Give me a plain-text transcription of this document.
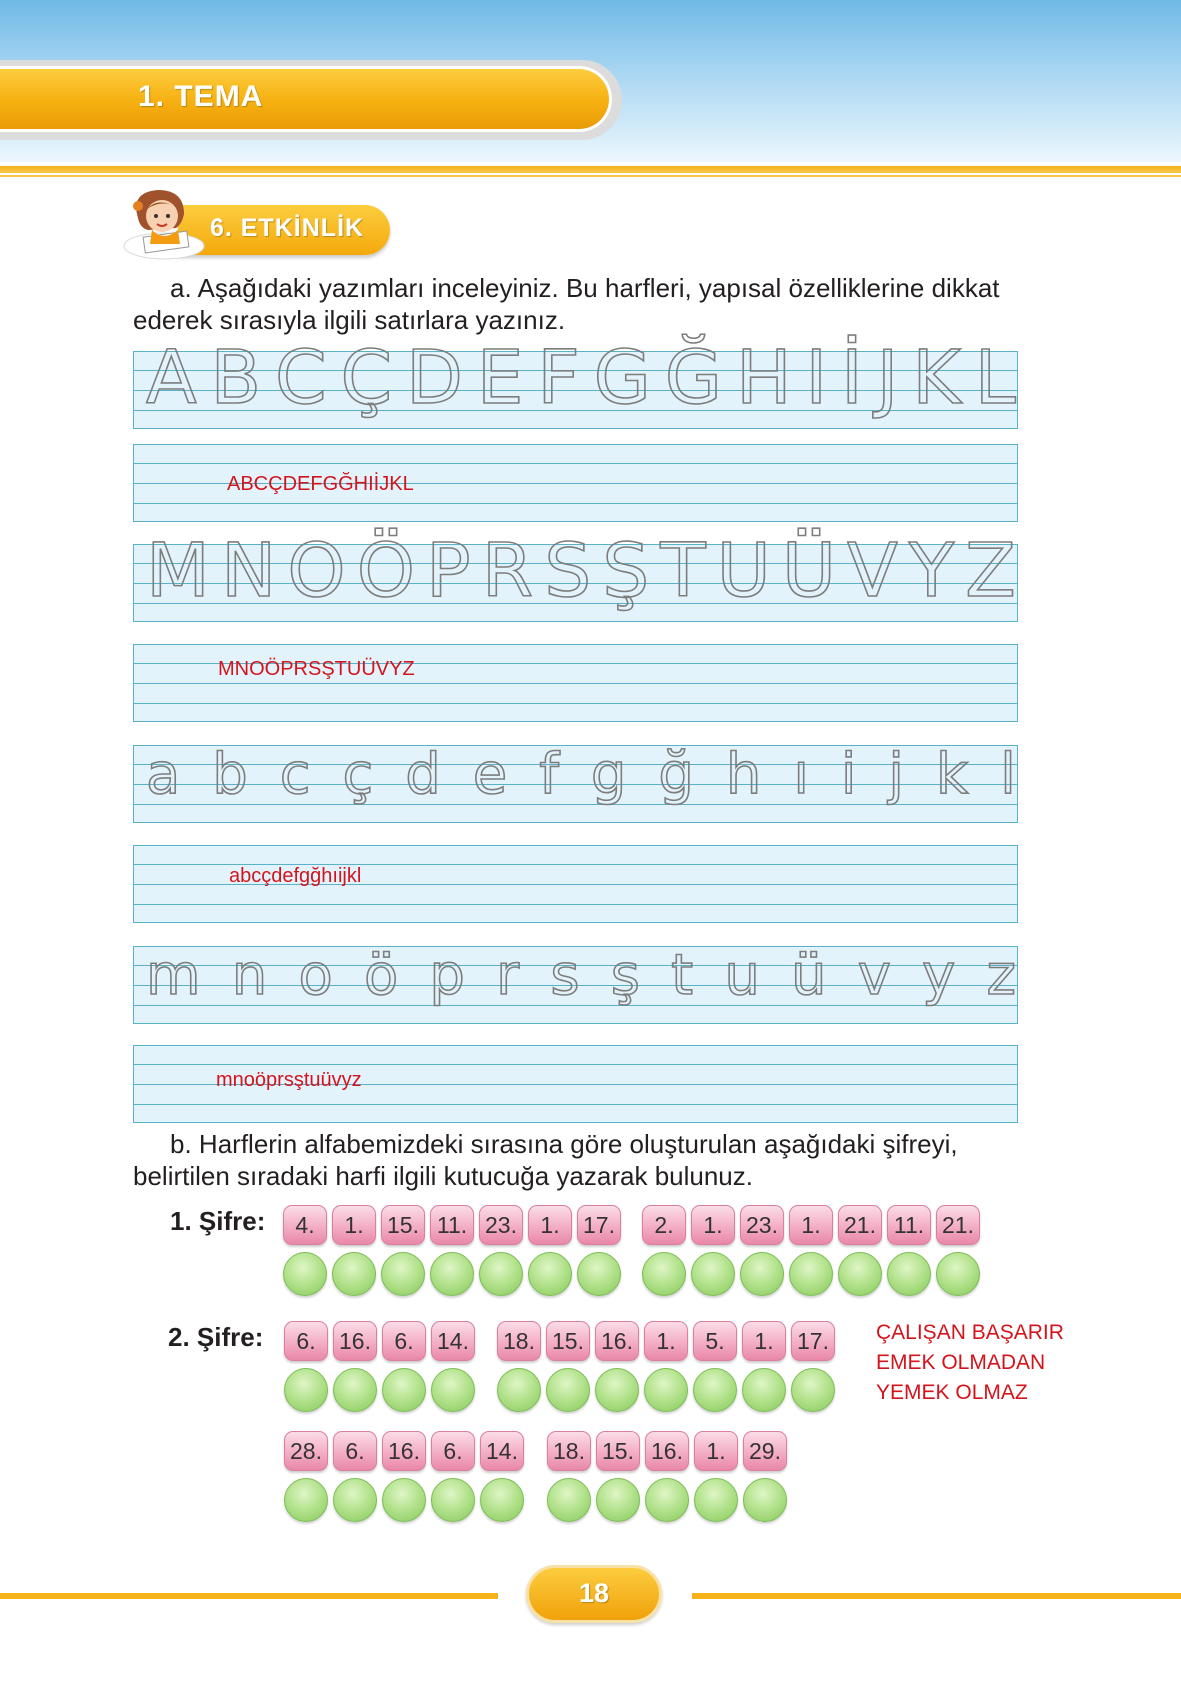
1. TEMA
6. ETKİNLİK
a. Aşağıdaki yazımları inceleyiniz. Bu harfleri, yapısal özelliklerine dikkat ederek sırasıyla ilgili satırlara yazınız.
A B C Ç D E F G Ğ H I İ J K L
ABCÇDEFGĞHIİJKL
M N O Ö P R S Ş T U Ü V Y Z
MNOÖPRSŞTUÜVYZ
a b c ç d e f g ğ h ı i j k l
abcçdefgğhıijkl
m n o ö p r s ş t u ü v y z
mnoöprsştuüvyz
b. Harflerin alfabemizdeki sırasına göre oluşturulan aşağıdaki şifreyi, belirtilen sıradaki harfi ilgili kutucuğa yazarak bulunuz.
1. Şifre:
2. Şifre:
4.	1.	15. 11. 23.	1.	17.	2.	1.	23.	1.	21. 11. 21.
6.	16.	6.	14. 18. 15. 16.	1.	5.	1.	17.
28.	6.	16.	6.	14. 18. 15. 16.	1.	29.
ÇALIŞAN BAŞARIR
EMEK OLMADAN
YEMEK OLMAZ
18
